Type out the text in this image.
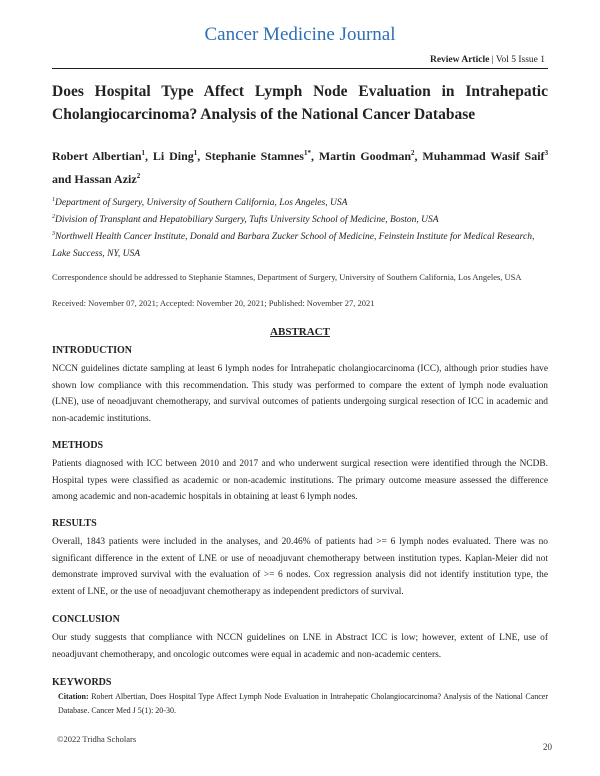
Cancer Medicine Journal
Review Article | Vol 5 Issue 1
Does Hospital Type Affect Lymph Node Evaluation in Intrahepatic Cholangiocarcinoma? Analysis of the National Cancer Database
Robert Albertian$^1$, Li Ding$^1$, Stephanie Stamnes$^{1*}$, Martin Goodman$^2$, Muhammad Wasif Saif$^3$ and Hassan Aziz$^2$
$^1$Department of Surgery, University of Southern California, Los Angeles, USA
$^2$Division of Transplant and Hepatobiliary Surgery, Tufts University School of Medicine, Boston, USA
$^3$Northwell Health Cancer Institute, Donald and Barbara Zucker School of Medicine, Feinstein Institute for Medical Research, Lake Success, NY, USA
Correspondence should be addressed to Stephanie Stamnes, Department of Surgery, University of Southern California, Los Angeles, USA
Received: November 07, 2021; Accepted: November 20, 2021; Published: November 27, 2021
ABSTRACT
INTRODUCTION
NCCN guidelines dictate sampling at least 6 lymph nodes for Intrahepatic cholangiocarcinoma (ICC), although prior studies have shown low compliance with this recommendation. This study was performed to compare the extent of lymph node evaluation (LNE), use of neoadjuvant chemotherapy, and survival outcomes of patients undergoing surgical resection of ICC in academic and non-academic institutions.
METHODS
Patients diagnosed with ICC between 2010 and 2017 and who underwent surgical resection were identified through the NCDB. Hospital types were classified as academic or non-academic institutions. The primary outcome measure assessed the difference among academic and non-academic hospitals in obtaining at least 6 lymph nodes.
RESULTS
Overall, 1843 patients were included in the analyses, and 20.46% of patients had >= 6 lymph nodes evaluated. There was no significant difference in the extent of LNE or use of neoadjuvant chemotherapy between institution types. Kaplan-Meier did not demonstrate improved survival with the evaluation of >= 6 nodes. Cox regression analysis did not identify institution type, the extent of LNE, or the use of neoadjuvant chemotherapy as independent predictors of survival.
CONCLUSION
Our study suggests that compliance with NCCN guidelines on LNE in Abstract ICC is low; however, extent of LNE, use of neoadjuvant chemotherapy, and oncologic outcomes were equal in academic and non-academic centers.
KEYWORDS
Citation: Robert Albertian, Does Hospital Type Affect Lymph Node Evaluation in Intrahepatic Cholangiocarcinoma? Analysis of the National Cancer Database. Cancer Med J 5(1): 20-30.
©2022 Tridha Scholars
20
